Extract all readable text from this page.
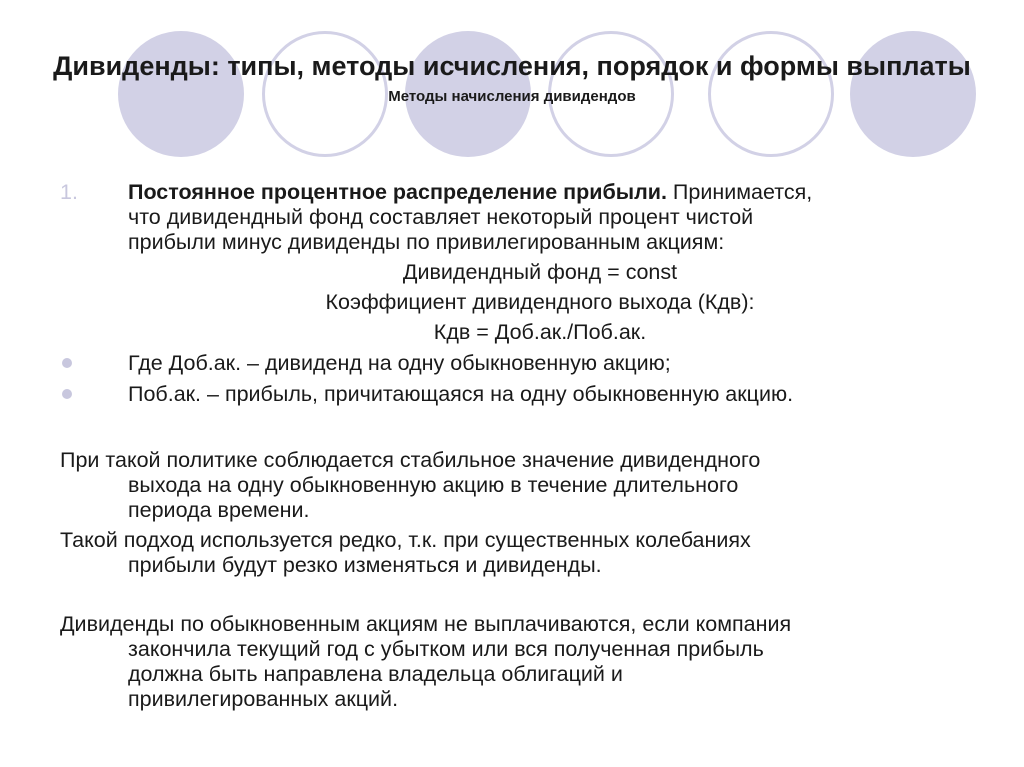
Дивиденды: типы, методы исчисления, порядок и формы выплаты
Методы начисления дивидендов
1.	Постоянное процентное распределение прибыли. Принимается,
что дивидендный фонд составляет некоторый процент чистой
прибыли минус дивиденды по привилегированным акциям:
Дивидендный фонд = const
Коэффициент дивидендного выхода (Кдв):
Кдв = Доб.ак./Поб.ак.
Где Доб.ак. – дивиденд на одну обыкновенную акцию;
Поб.ак. – прибыль, причитающаяся на одну обыкновенную акцию.
При такой политике соблюдается стабильное значение дивидендного
выхода на одну обыкновенную акцию в течение длительного
периода времени.
Такой подход используется редко, т.к. при существенных колебаниях
прибыли будут резко изменяться и дивиденды.
Дивиденды по обыкновенным акциям не выплачиваются, если компания
закончила текущий год с убытком или вся полученная прибыль
должна быть направлена владельца облигаций и
привилегированных акций.
